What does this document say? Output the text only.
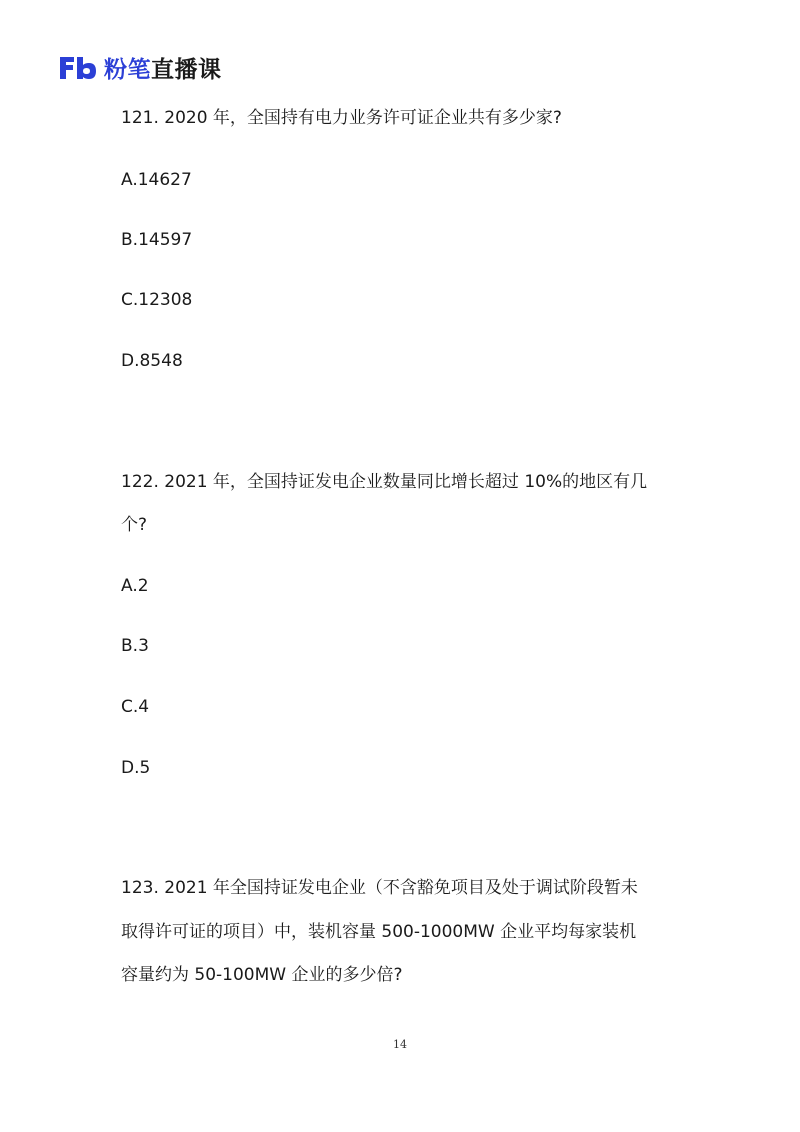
粉笔直播课
121. 2020 年，全国持有电力业务许可证企业共有多少家?
A.14627
B.14597
C.12308
D.8548
122. 2021 年，全国持证发电企业数量同比增长超过 10%的地区有几
个?
A.2
B.3
C.4
D.5
123. 2021 年全国持证发电企业（不含豁免项目及处于调试阶段暂未
取得许可证的项目）中，装机容量 500-1000MW 企业平均每家装机
容量约为 50-100MW 企业的多少倍?
14
